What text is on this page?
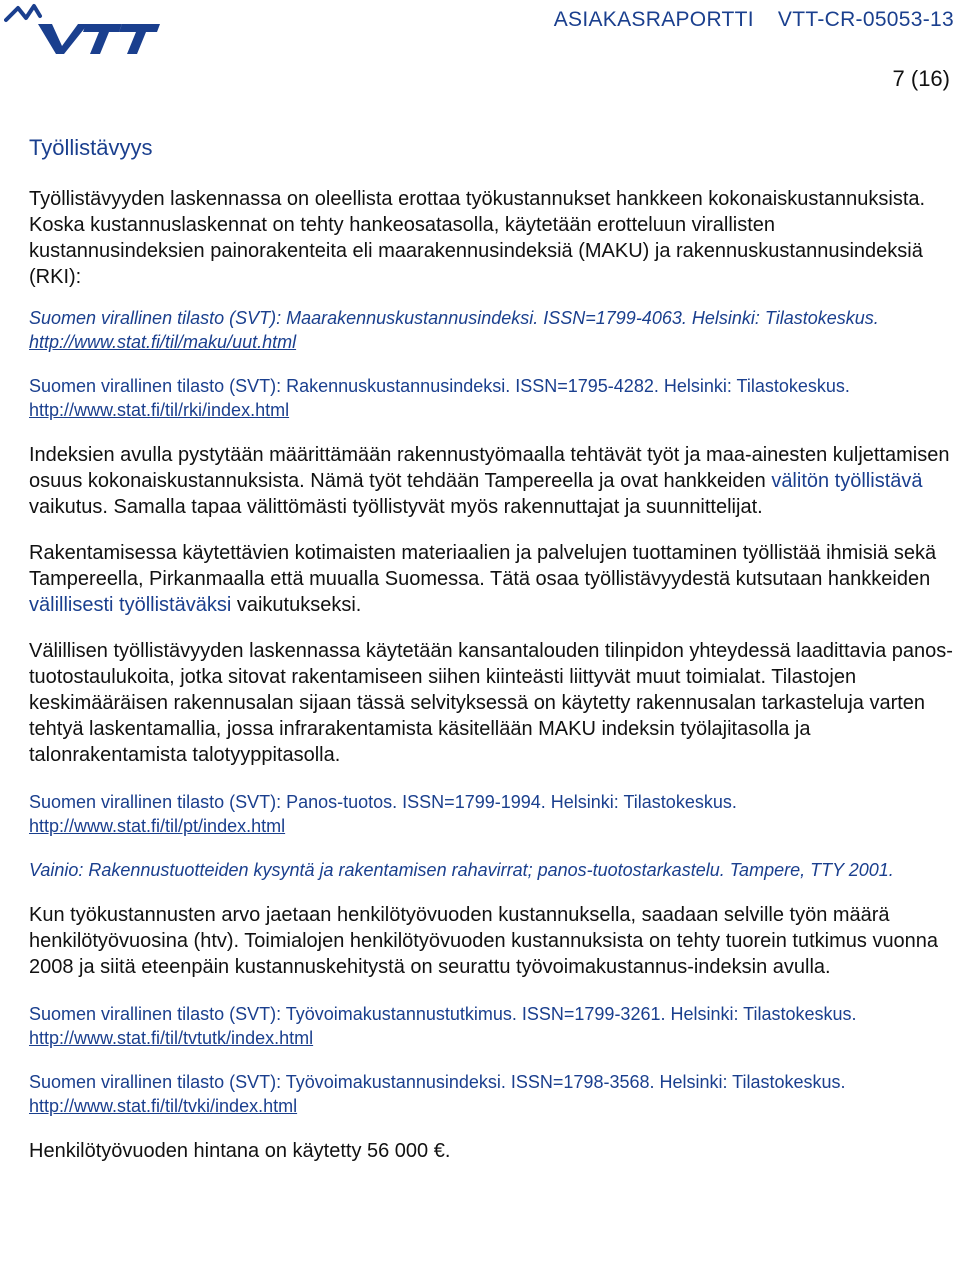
ASIAKASRAPORTTI VTT-CR-05053-13
7 (16)
Työllistävyys

Työllistävyyden laskennassa on oleellista erottaa työkustannukset hankkeen kokonaiskustannuksista. Koska kustannuslaskennat on tehty hankeosatasolla, käytetään erotteluun virallisten kustannusindeksien painorakenteita eli maarakennusindeksiä (MAKU) ja rakennuskustannusindeksiä (RKI):

Suomen virallinen tilasto (SVT): Maarakennuskustannusindeksi. ISSN=1799-4063. Helsinki: Tilastokeskus. http://www.stat.fi/til/maku/uut.html

Suomen virallinen tilasto (SVT): Rakennuskustannusindeksi. ISSN=1795-4282. Helsinki: Tilastokeskus. http://www.stat.fi/til/rki/index.html

Indeksien avulla pystytään määrittämään rakennustyömaalla tehtävät työt ja maa-ainesten kuljettamisen osuus kokonaiskustannuksista. Nämä työt tehdään Tampereella ja ovat hankkeiden välitön työllistävä vaikutus. Samalla tapaa välittömästi työllistyvät myös rakennuttajat ja suunnittelijat.

Rakentamisessa käytettävien kotimaisten materiaalien ja palvelujen tuottaminen työllistää ihmisiä sekä Tampereella, Pirkanmaalla että muualla Suomessa. Tätä osaa työllistävyydestä kutsutaan hankkeiden välillisesti työllistäväksi vaikutukseksi.

Välillisen työllistävyyden laskennassa käytetään kansantalouden tilinpidon yhteydessä laadittavia panos-tuotostaulukoita, jotka sitovat rakentamiseen siihen kiinteästi liittyvät muut toimialat. Tilastojen keskimääräisen rakennusalan sijaan tässä selvityksessä on käytetty rakennusalan tarkasteluja varten tehtyä laskentamallia, jossa infrarakentamista käsitellään MAKU indeksin työlajitasolla ja talonrakentamista talotyyppitasolla.

Suomen virallinen tilasto (SVT): Panos-tuotos. ISSN=1799-1994. Helsinki: Tilastokeskus. http://www.stat.fi/til/pt/index.html

Vainio: Rakennustuotteiden kysyntä ja rakentamisen rahavirrat; panos-tuotostarkastelu. Tampere, TTY 2001.

Kun työkustannusten arvo jaetaan henkilötyövuoden kustannuksella, saadaan selville työn määrä henkilötyövuosina (htv). Toimialojen henkilötyövuoden kustannuksista on tehty tuorein tutkimus vuonna 2008 ja siitä eteenpäin kustannuskehitystä on seurattu työvoimakustannus-indeksin avulla.

Suomen virallinen tilasto (SVT): Työvoimakustannustutkimus. ISSN=1799-3261. Helsinki: Tilastokeskus. http://www.stat.fi/til/tvtutk/index.html

Suomen virallinen tilasto (SVT): Työvoimakustannusindeksi. ISSN=1798-3568. Helsinki: Tilastokeskus. http://www.stat.fi/til/tvki/index.html

Henkilötyövuoden hintana on käytetty 56 000 €.
